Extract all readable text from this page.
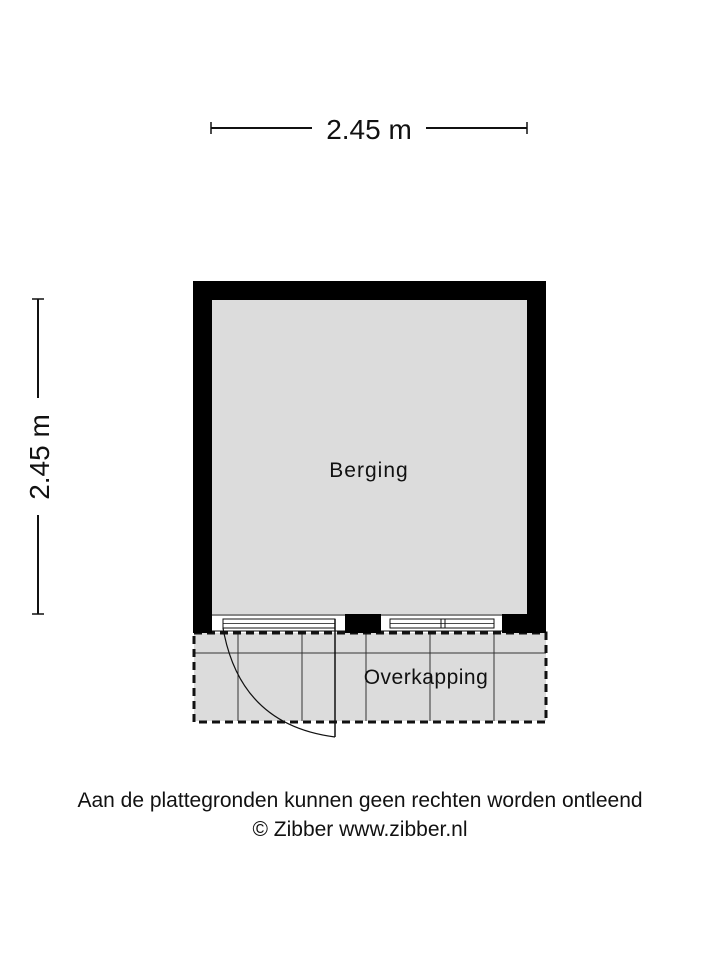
2.45 m
2.45 m
Overkapping
Berging
Aan de plattegronden kunnen geen rechten worden ontleend
© Zibber www.zibber.nl
